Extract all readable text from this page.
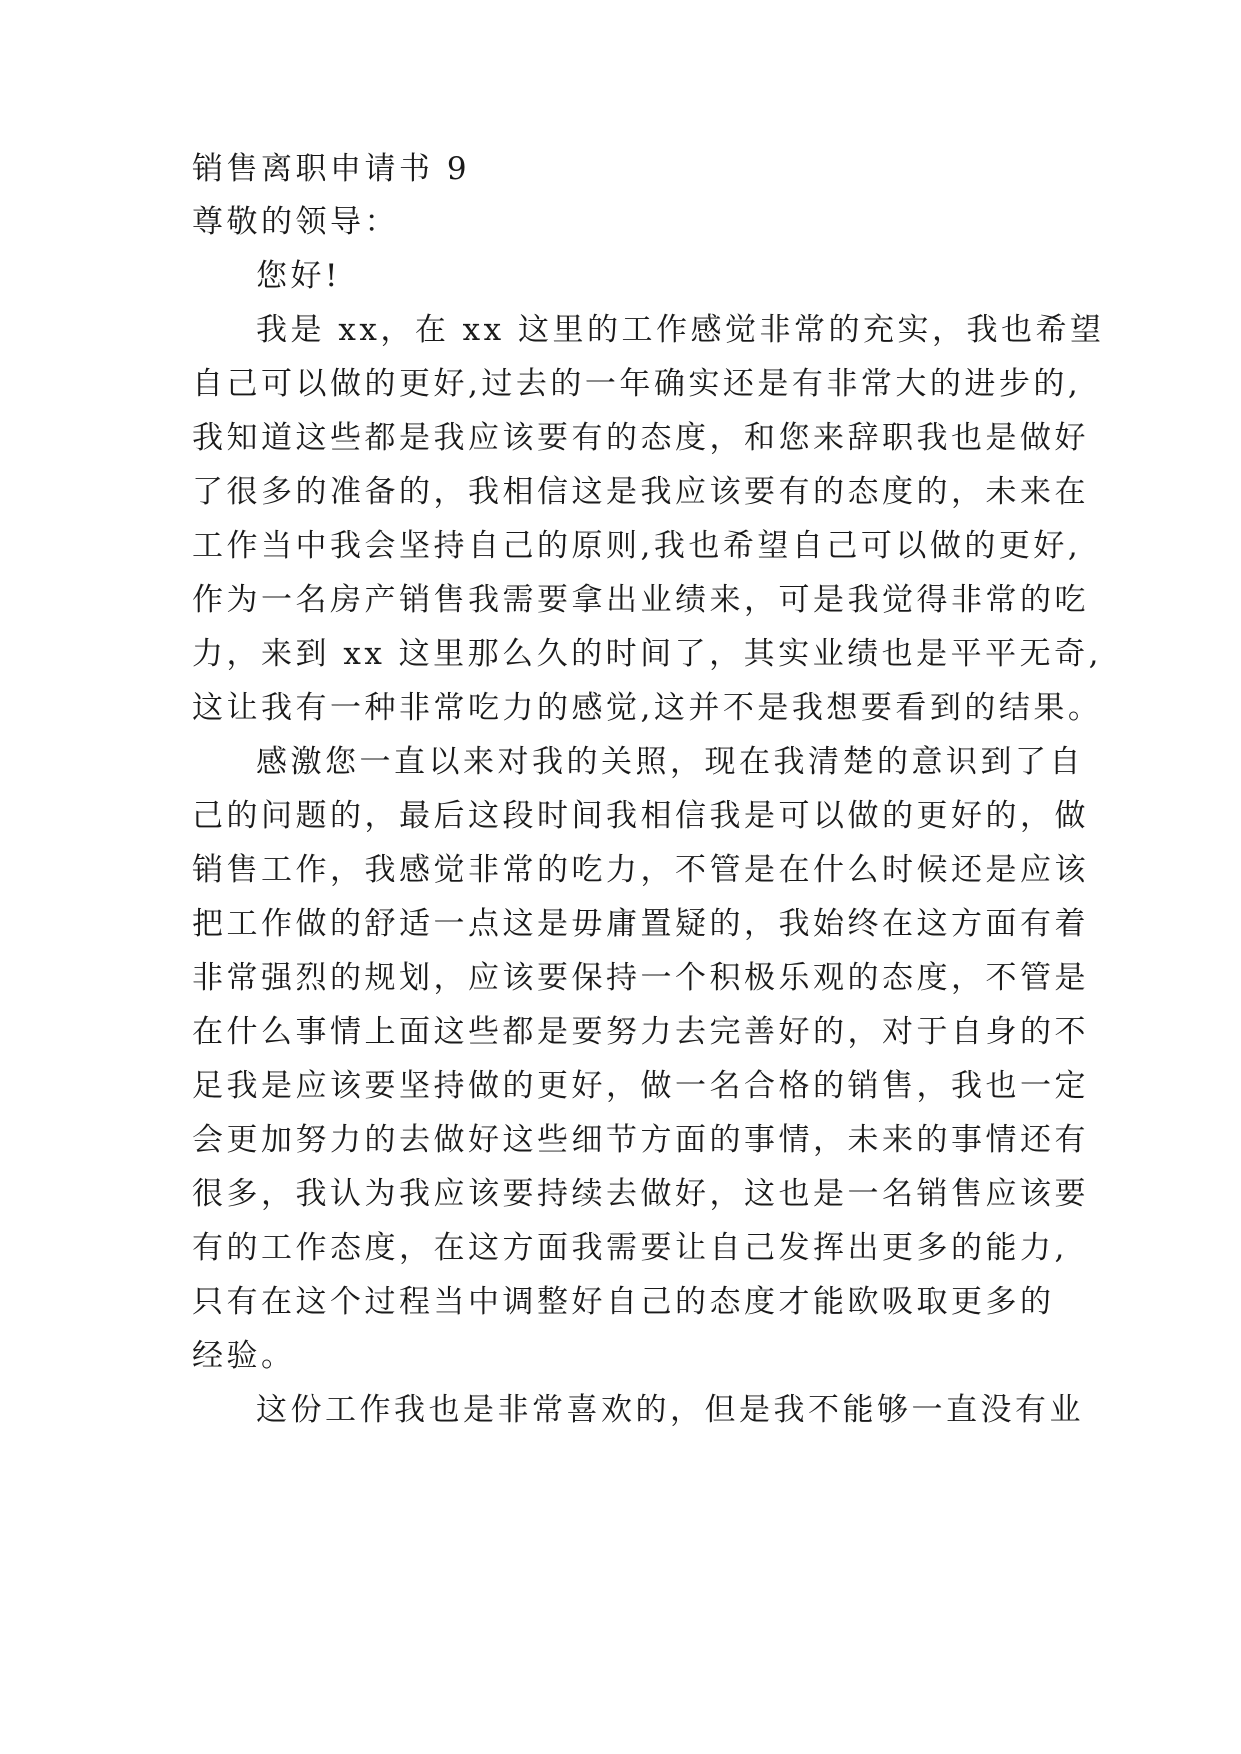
销售离职申请书 9
尊敬的领导：
您好!
我是 xx，在 xx 这里的工作感觉非常的充实，我也希望
自己可以做的更好,过去的一年确实还是有非常大的进步的,
我知道这些都是我应该要有的态度，和您来辞职我也是做好
了很多的准备的，我相信这是我应该要有的态度的，未来在
工作当中我会坚持自己的原则,我也希望自己可以做的更好,
作为一名房产销售我需要拿出业绩来，可是我觉得非常的吃
力，来到 xx 这里那么久的时间了，其实业绩也是平平无奇,
这让我有一种非常吃力的感觉,这并不是我想要看到的结果。
感激您一直以来对我的关照，现在我清楚的意识到了自
己的问题的，最后这段时间我相信我是可以做的更好的，做
销售工作，我感觉非常的吃力，不管是在什么时候还是应该
把工作做的舒适一点这是毋庸置疑的，我始终在这方面有着
非常强烈的规划，应该要保持一个积极乐观的态度，不管是
在什么事情上面这些都是要努力去完善好的，对于自身的不
足我是应该要坚持做的更好，做一名合格的销售，我也一定
会更加努力的去做好这些细节方面的事情，未来的事情还有
很多，我认为我应该要持续去做好，这也是一名销售应该要
有的工作态度，在这方面我需要让自己发挥出更多的能力,
只有在这个过程当中调整好自己的态度才能欧吸取更多的
经验。
这份工作我也是非常喜欢的，但是我不能够一直没有业
